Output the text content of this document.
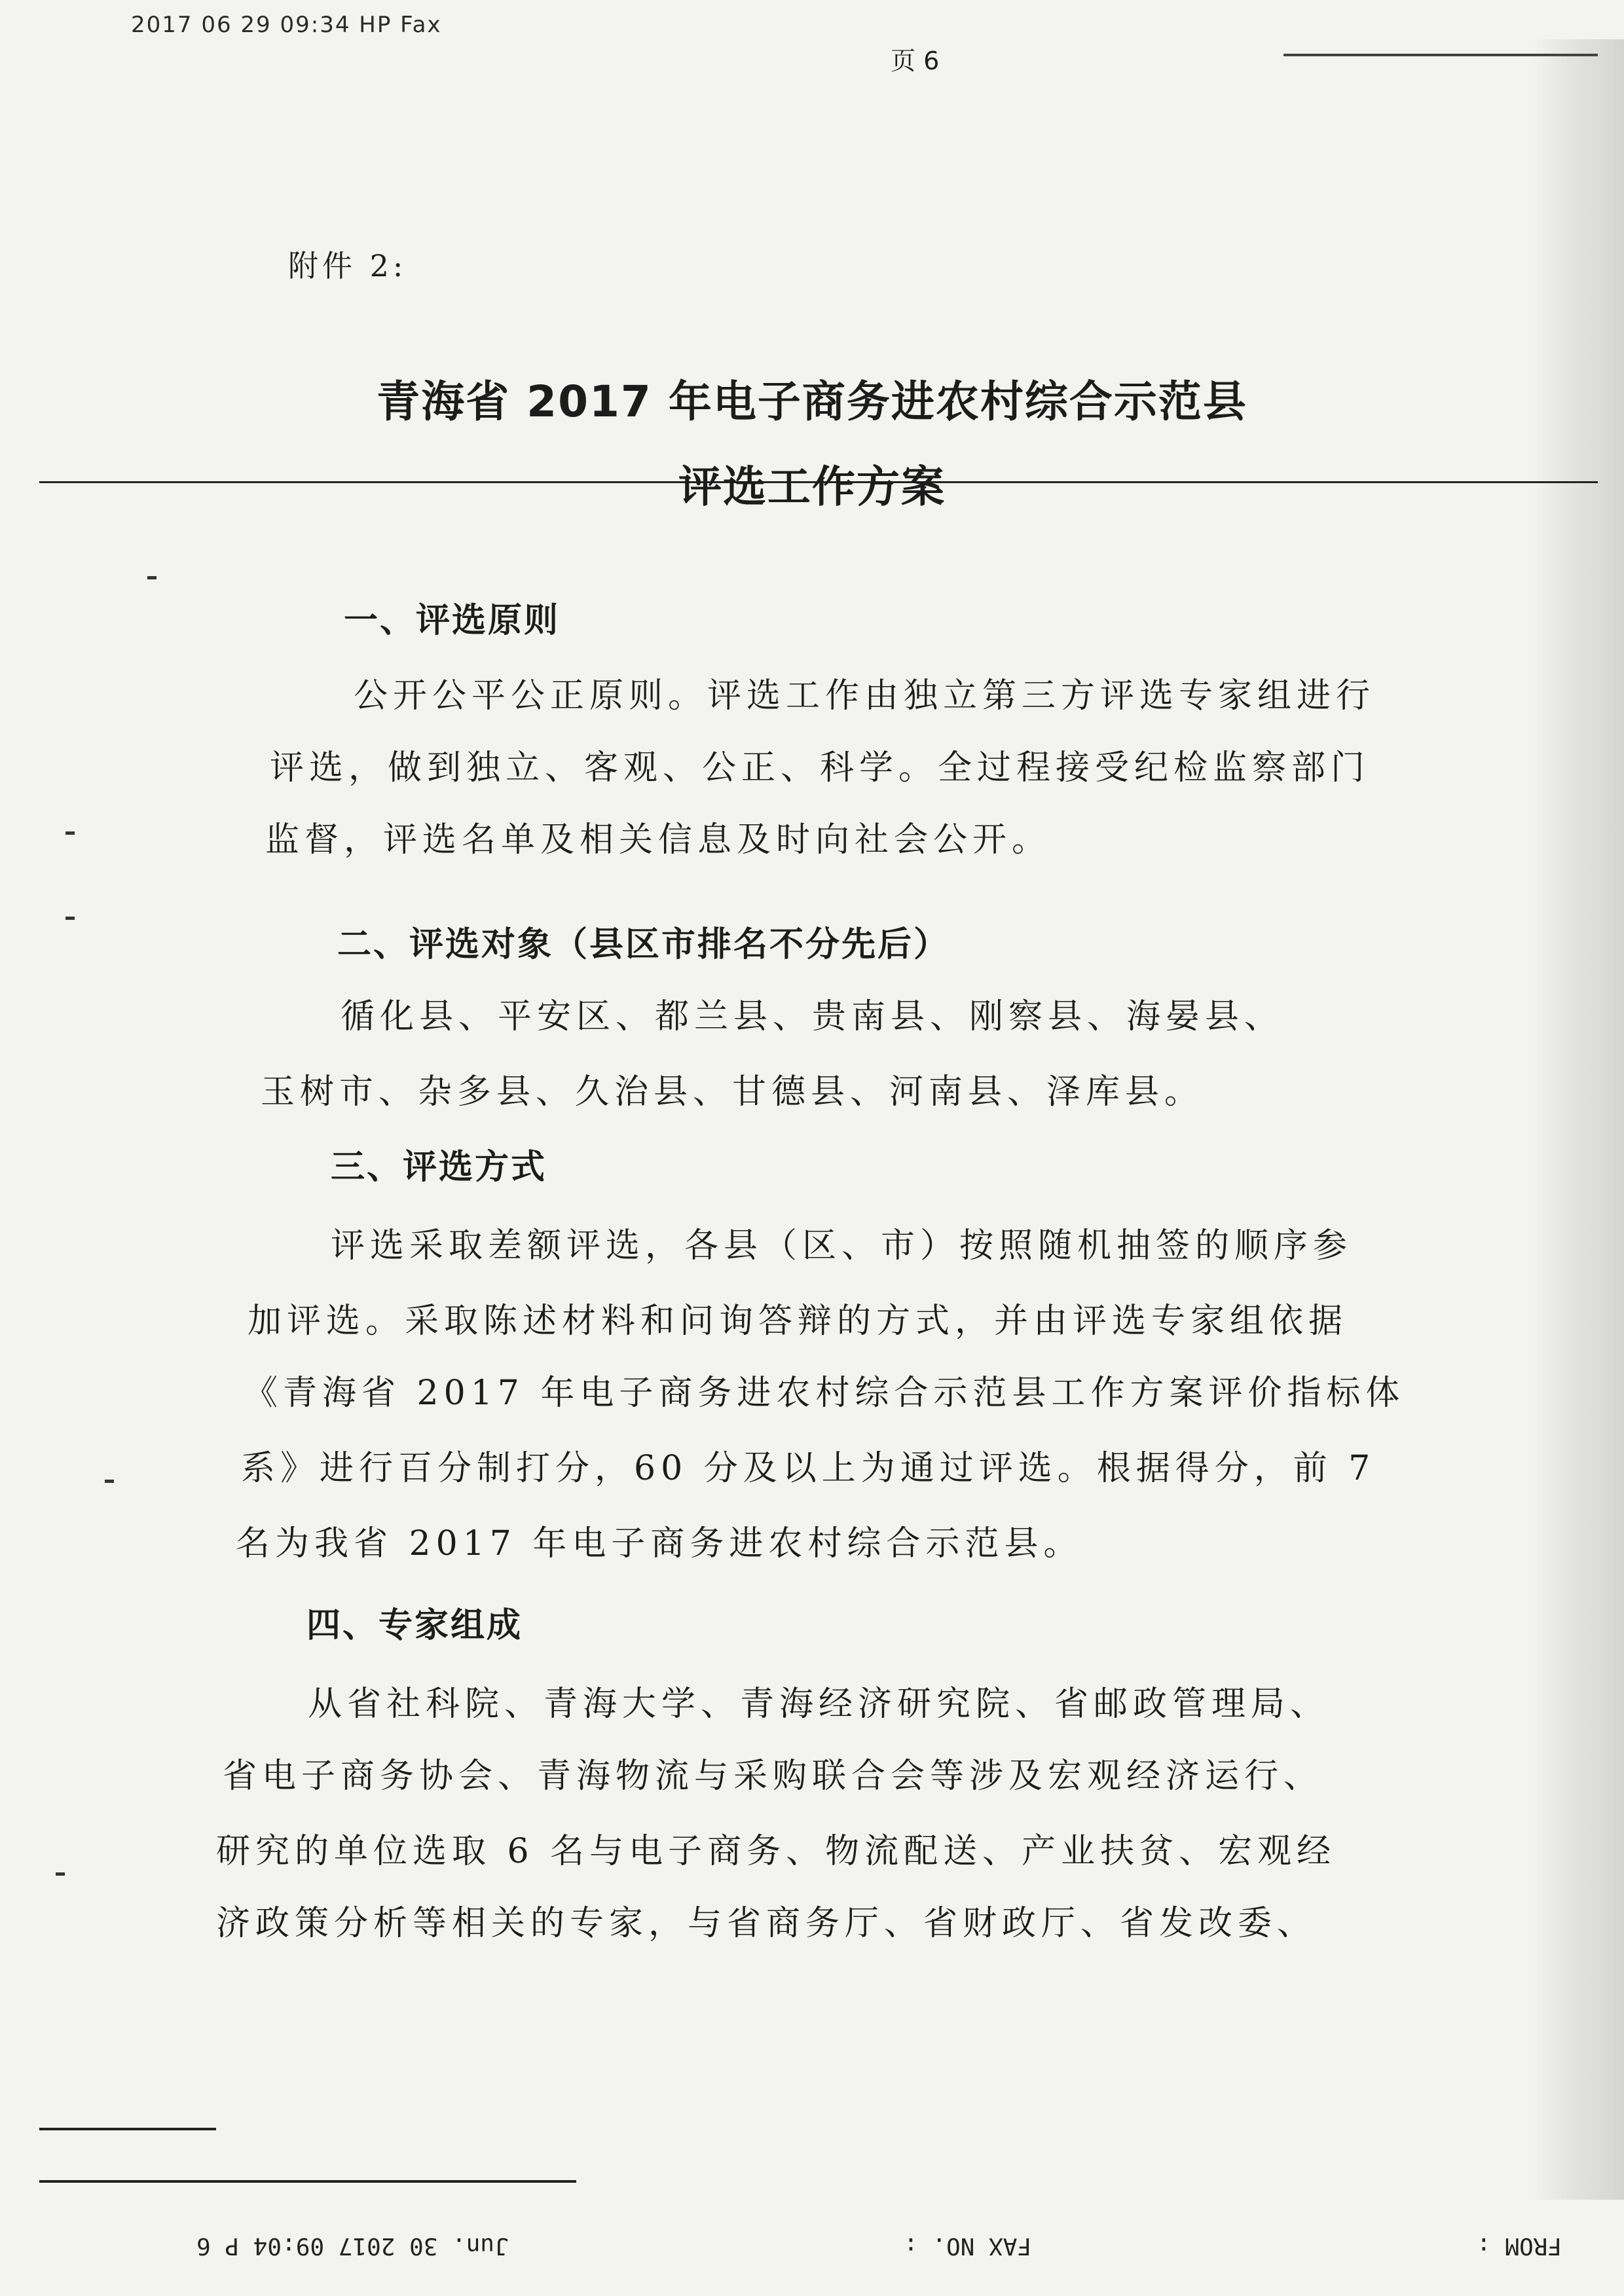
2017 06 29 09:34 HP Fax
页 6
附件 2:
青海省 2017 年电子商务进农村综合示范县
评选工作方案
一、评选原则
公开公平公正原则。评选工作由独立第三方评选专家组进行
评选，做到独立、客观、公正、科学。全过程接受纪检监察部门
监督，评选名单及相关信息及时向社会公开。
二、评选对象（县区市排名不分先后）
循化县、平安区、都兰县、贵南县、刚察县、海晏县、
玉树市、杂多县、久治县、甘德县、河南县、泽库县。
三、评选方式
评选采取差额评选，各县（区、市）按照随机抽签的顺序参
加评选。采取陈述材料和问询答辩的方式，并由评选专家组依据
《青海省 2017 年电子商务进农村综合示范县工作方案评价指标体
系》进行百分制打分，60 分及以上为通过评选。根据得分，前 7
名为我省 2017 年电子商务进农村综合示范县。
四、专家组成
从省社科院、青海大学、青海经济研究院、省邮政管理局、
省电子商务协会、青海物流与采购联合会等涉及宏观经济运行、
研究的单位选取 6 名与电子商务、物流配送、产业扶贫、宏观经
济政策分析等相关的专家，与省商务厅、省财政厅、省发改委、
FROM :
FAX NO. :
Jun. 30 2017 09:04 P 6
